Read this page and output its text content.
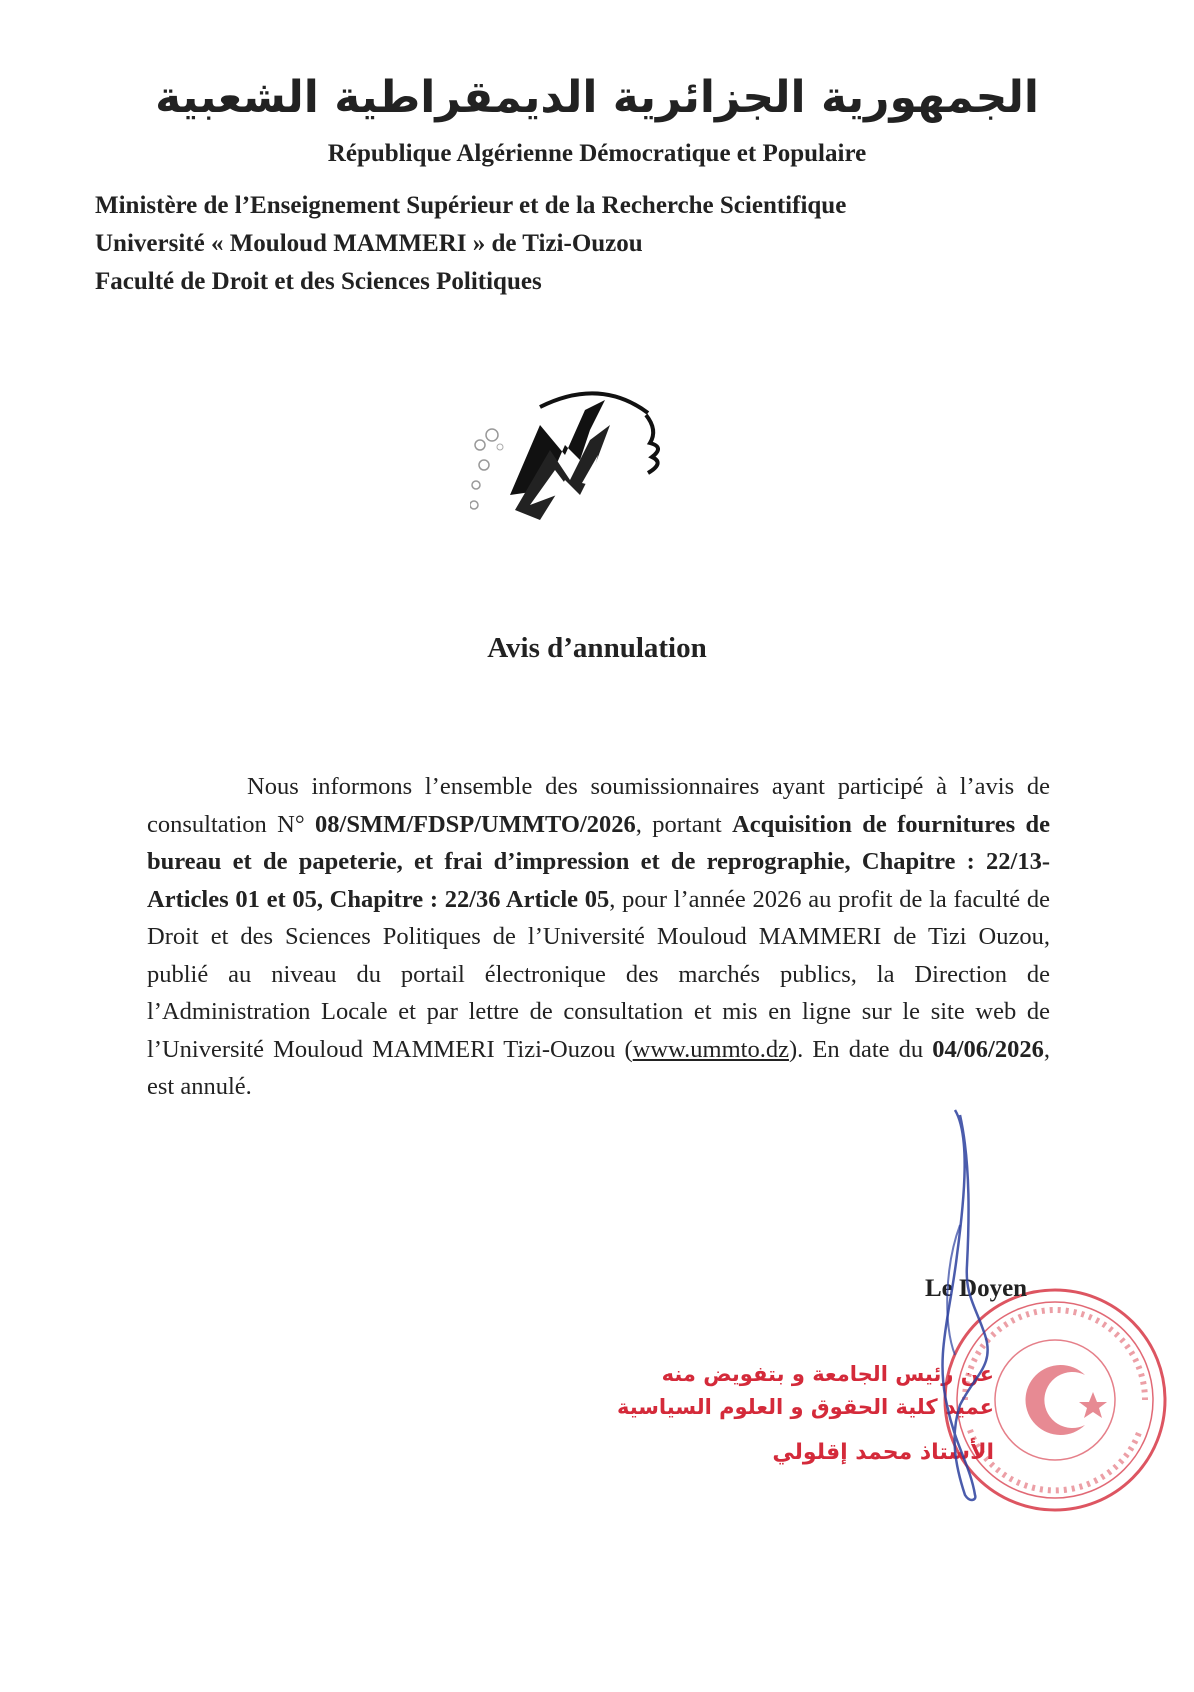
الجمهورية الجزائرية الديمقراطية الشعبية
République Algérienne Démocratique et Populaire
Ministère de l’Enseignement Supérieur et de la Recherche Scientifique
Université « Mouloud MAMMERI » de Tizi-Ouzou
Faculté de Droit et des Sciences Politiques
Avis d’annulation
Nous informons l’ensemble des soumissionnaires ayant participé à l’avis de consultation N° 08/SMM/FDSP/UMMTO/2026, portant Acquisition de fournitures de bureau et de papeterie, et frai d’impression et de reprographie, Chapitre : 22/13- Articles 01 et 05, Chapitre : 22/36 Article 05, pour l’année 2026 au profit de la faculté de Droit et des Sciences Politiques de l’Université Mouloud MAMMERI de Tizi Ouzou, publié au niveau du portail électronique des marchés publics, la Direction de l’Administration Locale et par lettre de consultation et mis en ligne sur le site web de l’Université Mouloud MAMMERI Tizi-Ouzou (www.ummto.dz). En date du 04/06/2026, est annulé.
عن رئيس الجامعة و بتفويض منه
عميد كلية الحقوق و العلوم السياسية
الأستاذ محمد إقلولي
Le Doyen
